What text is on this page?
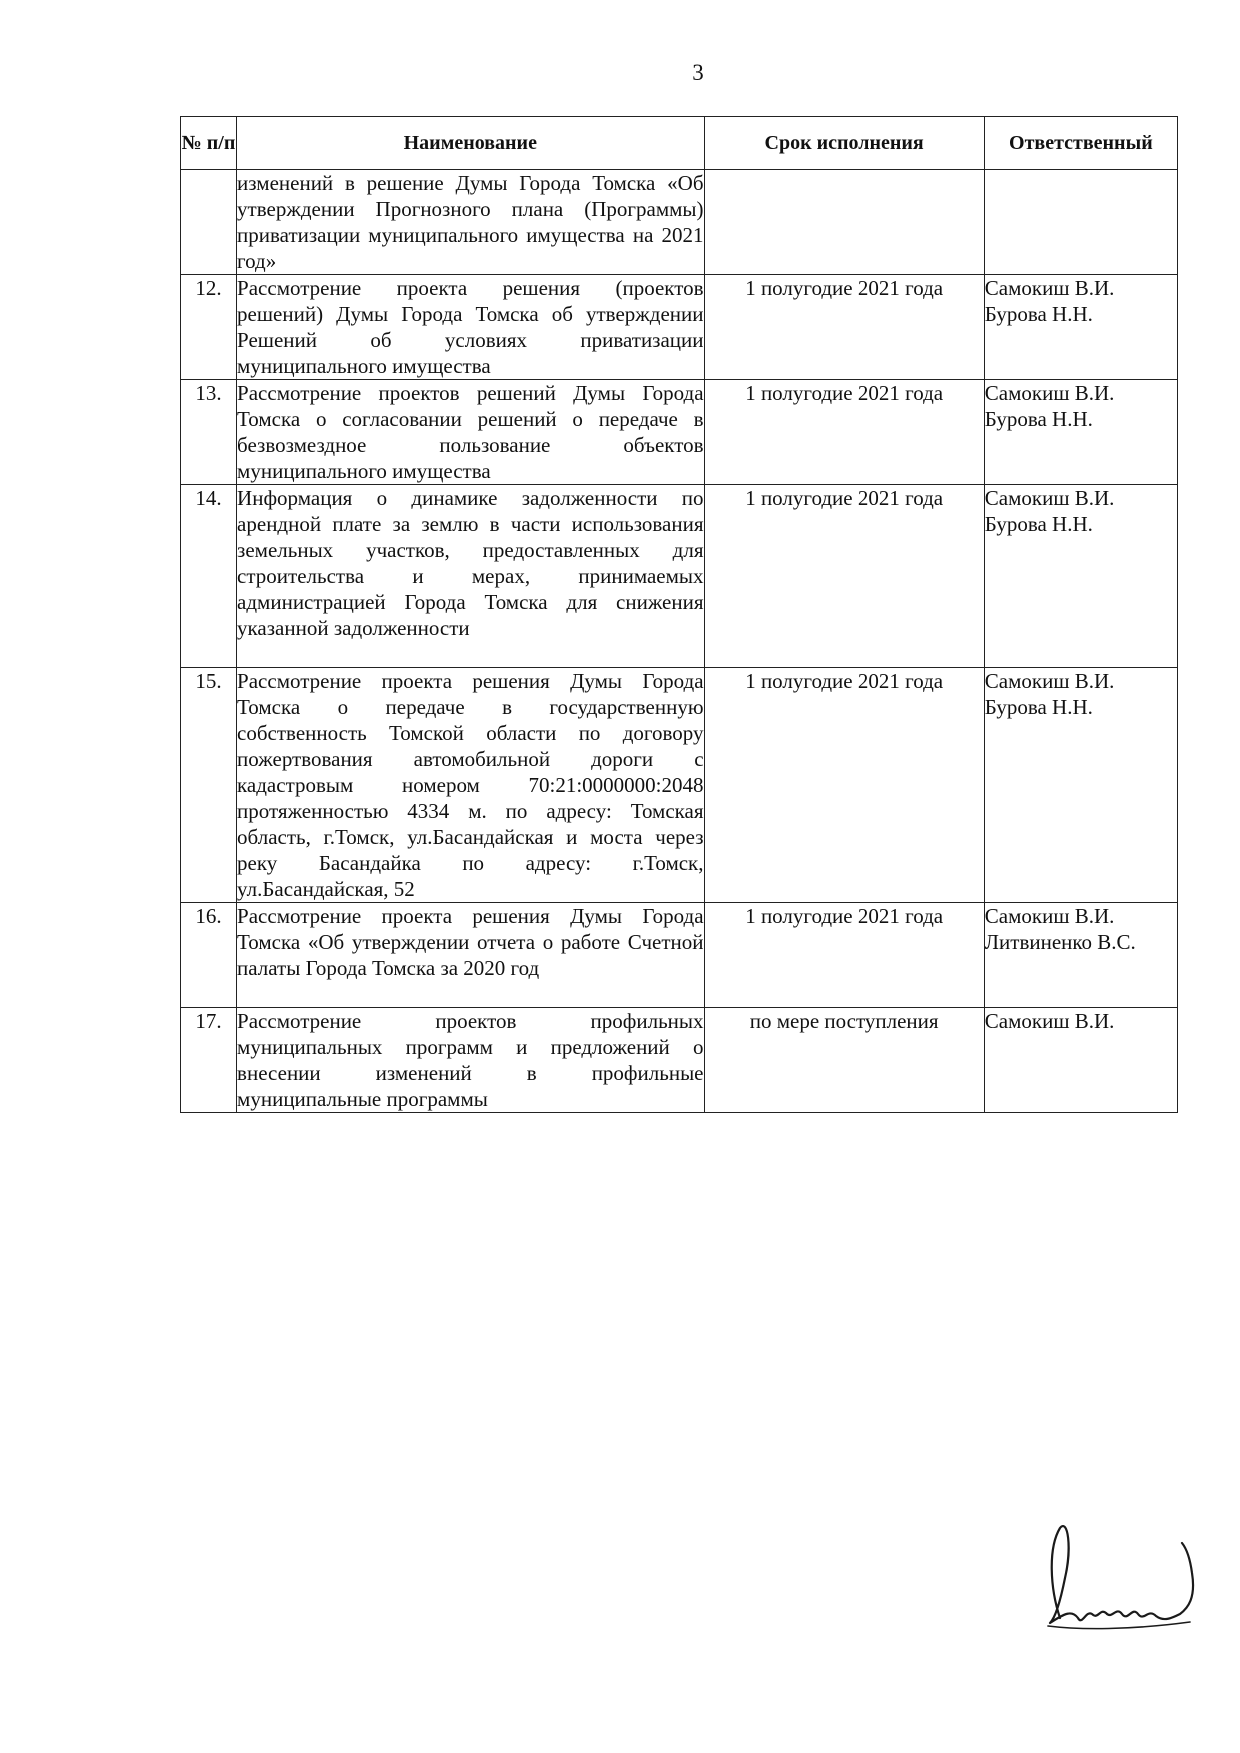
3
№ п/п	Наименование	Срок исполнения	Ответственный
	изменений в решение Думы Города Томска «Об утверждении Прогнозного плана (Программы) приватизации муниципального имущества на 2021 год»		
12.	Рассмотрение проекта решения (проектов решений) Думы Города Томска об утверждении Решений об условиях приватизации муниципального имущества	1 полугодие 2021 года	Самокиш В.И.
Бурова Н.Н.

13.	Рассмотрение проектов решений Думы Города Томска о согласовании решений о передаче в безвозмездное пользование объектов муниципального имущества	1 полугодие 2021 года	Самокиш В.И.
Бурова Н.Н.

14.	Информация о динамике задолженности по арендной плате за землю в части использования земельных участков, предоставленных для строительства и мерах, принимаемых администрацией Города Томска для снижения указанной задолженности	1 полугодие 2021 года	Самокиш В.И.
Бурова Н.Н.

15.	Рассмотрение проекта решения Думы Города Томска о передаче в государственную собственность Томской области по договору пожертвования автомобильной дороги с кадастровым номером 70:21:0000000:2048 протяженностью 4334 м. по адресу: Томская область, г.Томск, ул.Басандайская и моста через реку Басандайка по адресу: г.Томск, ул.Басандайская, 52	1 полугодие 2021 года	Самокиш В.И.
Бурова Н.Н.

16.	Рассмотрение проекта решения Думы Города Томска «Об утверждении отчета о работе Счетной палаты Города Томска за 2020 год	1 полугодие 2021 года	Самокиш В.И.
Литвиненко В.С.

17.	Рассмотрение проектов профильных муниципальных программ и предложений о внесении изменений в профильные муниципальные программы	по мере поступления	Самокиш В.И.
